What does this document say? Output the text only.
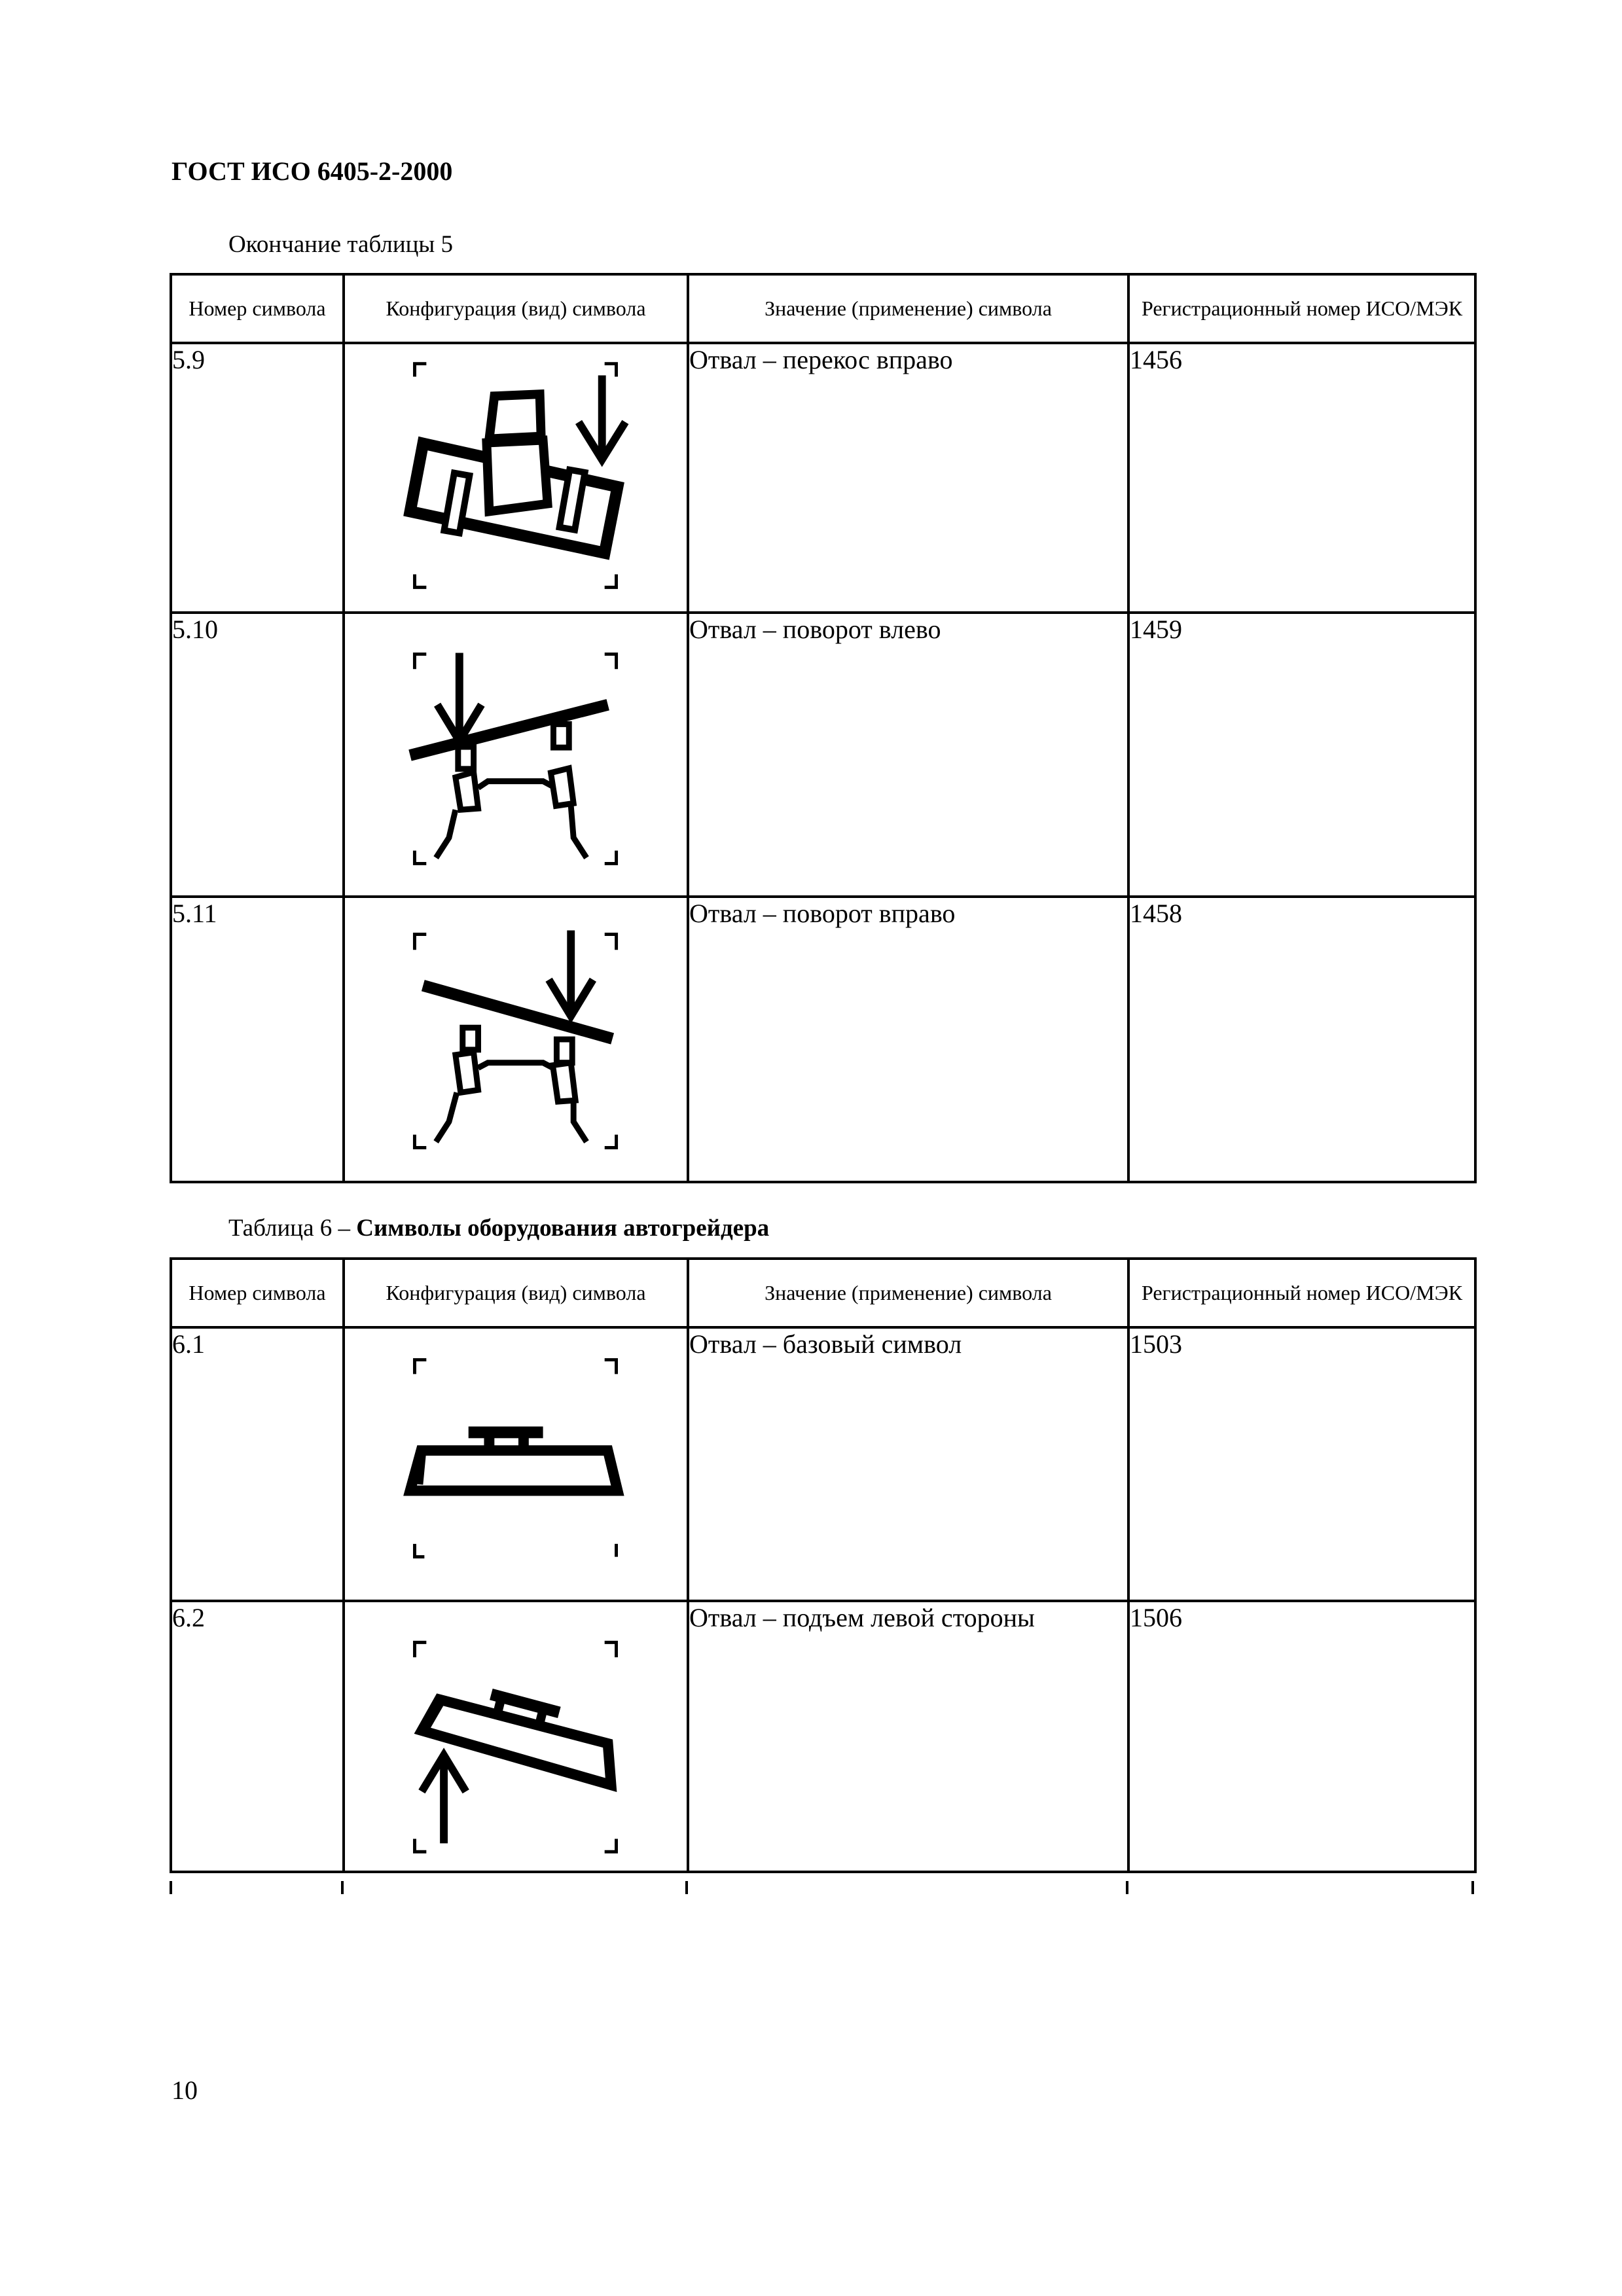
ГОСТ ИСО 6405-2-2000
Окончание таблицы 5
Номер символа	Конфигурация (вид) символа	Значение (применение) символа	Регистрационный номер ИСО/МЭК
5.9		Отвал – перекос вправо	1456
5.10		Отвал – поворот влево	1459
5.11		Отвал – поворот вправо	1458
Таблица 6 – Символы оборудования автогрейдера
Номер символа	Конфигурация (вид) символа	Значение (применение) символа	Регистрационный номер ИСО/МЭК
6.1		Отвал – базовый символ	1503
6.2		Отвал – подъем левой стороны	1506
10
